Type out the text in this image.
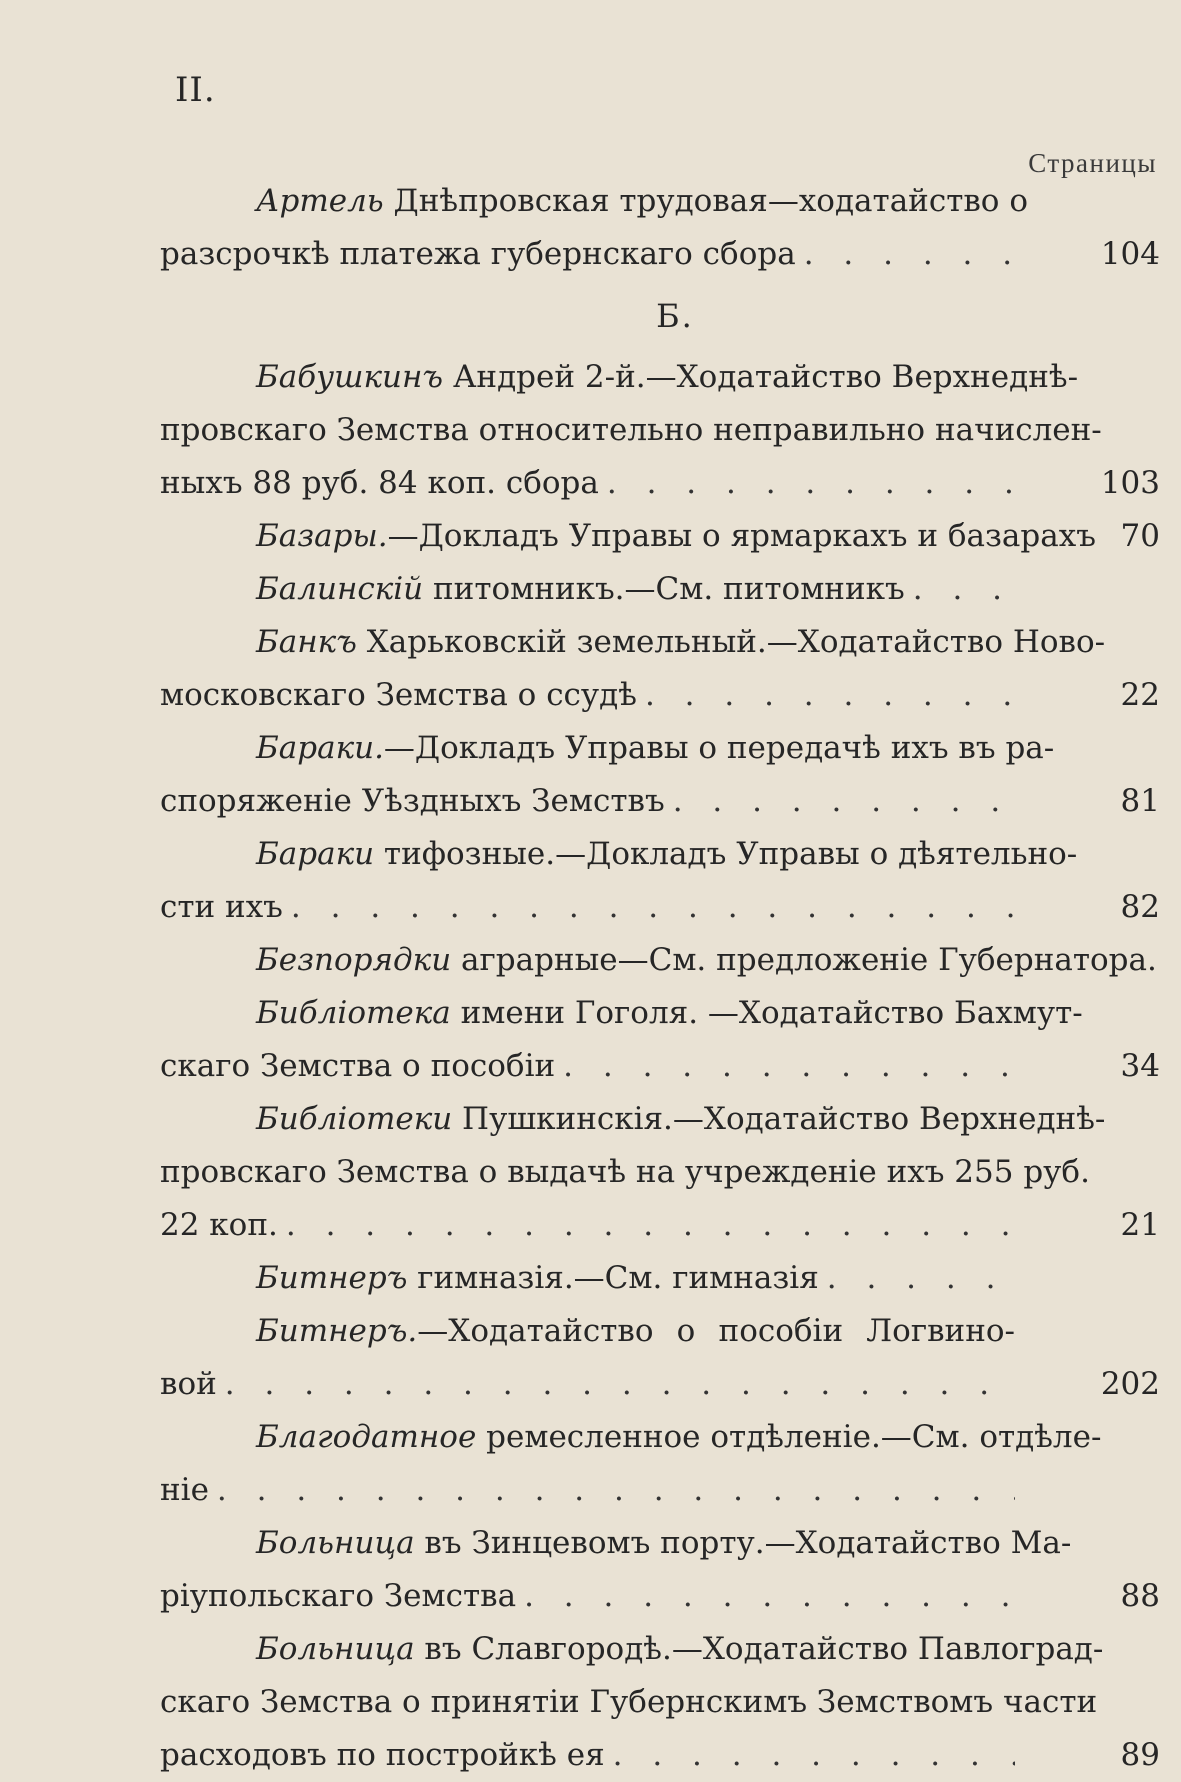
II.
Страницы
Артель Днѣпровская трудовая—ходатайство о
разсрочкѣ платежа губернскаго сбора . . .	104
Б.
Бабушкинъ Андрей 2-й.—Ходатайство Верхнеднѣ-
провскаго Земства относительно неправильно начислен-
ныхъ 88 руб. 84 коп. сбора . . .	103
Базары.—Докладъ Управы о ярмаркахъ и базарахъ 70
Балинскій питомникъ.—См. питомникъ
. . .
Банкъ Харьковскій земельный.—Ходатайство Ново-
московскаго Земства о ссудѣ . . .	22
Бараки.—Докладъ Управы о передачѣ ихъ въ ра-
споряженіе Уѣздныхъ Земствъ . . .	81
Бараки тифозные.—Докладъ Управы о дѣятельно-
сти ихъ . . .	82
Безпорядки аграрные—См. предложеніе Губернатора.
Библіотека имени Гоголя. —Ходатайство Бахмут-
скаго Земства о пособіи . . .	34
Библіотеки Пушкинскія.—Ходатайство Верхнеднѣ-
провскаго Земства о выдачѣ на учрежденіе ихъ 255 руб.
22 коп. . . .	21
Битнеръ гимназія.—См. гимназія
. . .
Битнеръ.—Ходатайство о пособіи Логвино-
вой . . .	202
Благодатное ремесленное отдѣленіе.—См. отдѣле-
ніе
. . .
Больница въ Зинцевомъ порту.—Ходатайство Ма-
ріупольскаго Земства . . .	88
Больница въ Славгородѣ.—Ходатайство Павлоград-
скаго Земства о принятіи Губернскимъ Земствомъ части
расходовъ по постройкѣ ея . . .	89
